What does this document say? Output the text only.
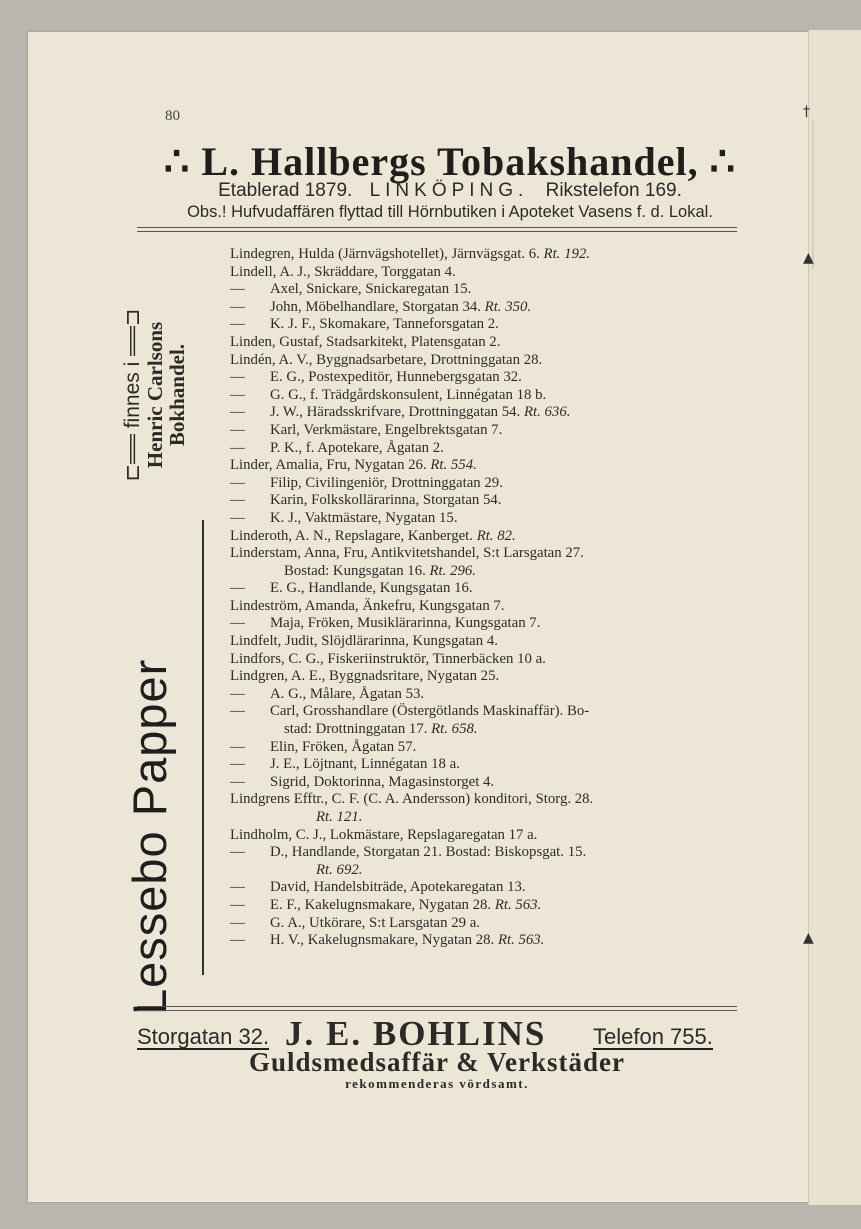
†
▲
▲
80
∴ L. Hallbergs Tobakshandel, ∴
Etablerad 1879. LINKÖPING. Rikstelefon 169.
Obs.! Hufvudaffären flyttad till Hörnbutiken i Apoteket Vasens f. d. Lokal.
Lessebo Papper
⊏══ finnes i ══⊐ Henric Carlsons
Bokhandel.
Lindegren, Hulda (Järnvägshotellet), Järnvägsgat. 6. Rt. 192.
Lindell, A. J., Skräddare, Torggatan 4.
— Axel, Snickare, Snickaregatan 15.
— John, Möbelhandlare, Storgatan 34. Rt. 350.
— K. J. F., Skomakare, Tanneforsgatan 2.
Linden, Gustaf, Stadsarkitekt, Platensgatan 2.
Lindén, A. V., Byggnadsarbetare, Drottninggatan 28.
— E. G., Postexpeditör, Hunnebergsgatan 32.
— G. G., f. Trädgårdskonsulent, Linnégatan 18 b.
— J. W., Häradsskrifvare, Drottninggatan 54. Rt. 636.
— Karl, Verkmästare, Engelbrektsgatan 7.
— P. K., f. Apotekare, Ågatan 2.
Linder, Amalia, Fru, Nygatan 26. Rt. 554.
— Filip, Civilingeniör, Drottninggatan 29.
— Karin, Folkskollärarinna, Storgatan 54.
— K. J., Vaktmästare, Nygatan 15.
Linderoth, A. N., Repslagare, Kanberget. Rt. 82.
Linderstam, Anna, Fru, Antikvitetshandel, S:t Larsgatan 27.
Bostad: Kungsgatan 16. Rt. 296.
— E. G., Handlande, Kungsgatan 16.
Lindeström, Amanda, Änkefru, Kungsgatan 7.
— Maja, Fröken, Musiklärarinna, Kungsgatan 7.
Lindfelt, Judit, Slöjdlärarinna, Kungsgatan 4.
Lindfors, C. G., Fiskeriinstruktör, Tinnerbäcken 10 a.
Lindgren, A. E., Byggnadsritare, Nygatan 25.
— A. G., Målare, Ågatan 53.
— Carl, Grosshandlare (Östergötlands Maskinaffär). Bo-
stad: Drottninggatan 17. Rt. 658.
— Elin, Fröken, Ågatan 57.
— J. E., Löjtnant, Linnégatan 18 a.
— Sigrid, Doktorinna, Magasinstorget 4.
Lindgrens Efftr., C. F. (C. A. Andersson) konditori, Storg. 28.
Rt. 121.
Lindholm, C. J., Lokmästare, Repslagaregatan 17 a.
— D., Handlande, Storgatan 21. Bostad: Biskopsgat. 15.
Rt. 692.
— David, Handelsbiträde, Apotekaregatan 13.
— E. F., Kakelugnsmakare, Nygatan 28. Rt. 563.
— G. A., Utkörare, S:t Larsgatan 29 a.
— H. V., Kakelugnsmakare, Nygatan 28. Rt. 563.
Storgatan 32. J. E. BOHLINS Telefon 755.
Guldsmedsaffär & Verkstäder
rekommenderas vördsamt.
